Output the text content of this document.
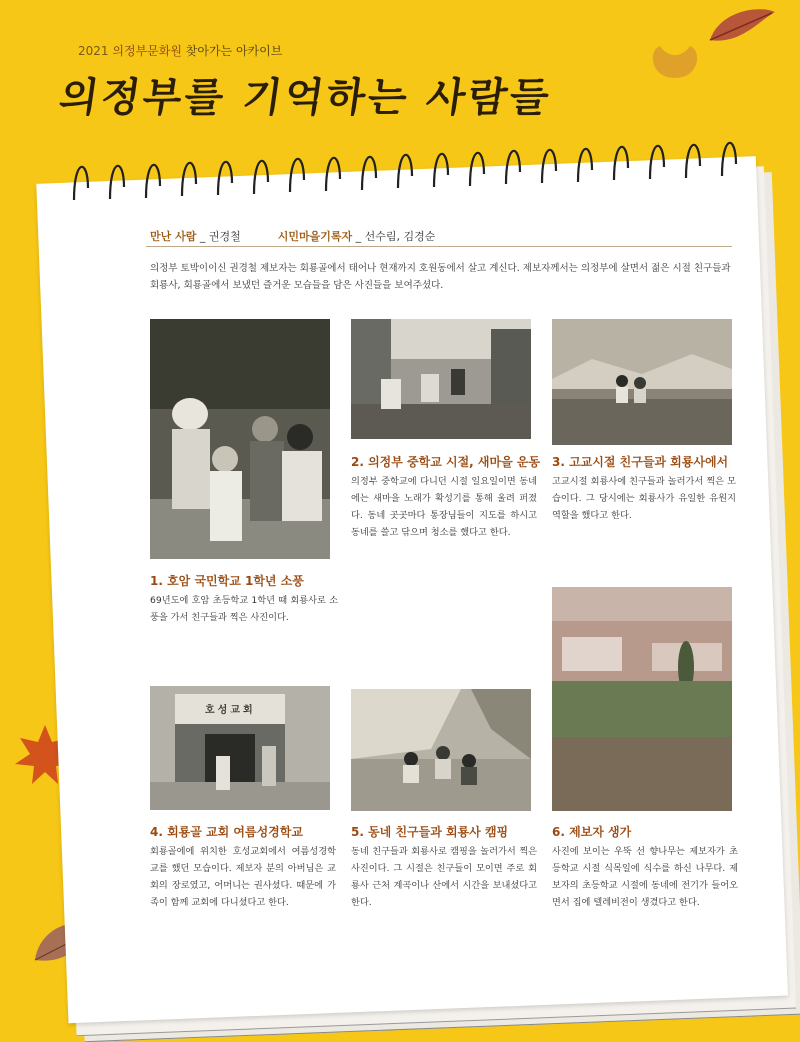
2021 의정부문화원 찾아가는 아카이브
의정부를 기억하는 사람들
만난 사람 _ 권경철	시민마을기록자 _ 선수림, 김경순
의정부 토박이이신 권경철 제보자는 회룡골에서 태어나 현재까지 호원동에서 살고 계신다. 제보자께서는 의정부에 살면서 젊은 시절 친구들과 회룡사, 회룡골에서 보냈던 즐거운 모습들을 담은 사진들을 보여주셨다.
1. 호암 국민학교 1학년 소풍
69년도에 호암 초등학교 1학년 때 회룡사로 소풍을 가서 친구들과 찍은 사진이다.
2. 의정부 중학교 시절, 새마을 운동
의정부 중학교에 다니던 시절 일요일이면 동네에는 새마을 노래가 확성기를 통해 울려 퍼졌다. 동네 곳곳마다 통장님들이 지도를 하시고 동네를 쓸고 닦으며 청소를 했다고 한다.
3. 고교시절 친구들과 회룡사에서
고교시절 회룡사에 친구들과 놀러가서 찍은 모습이다. 그 당시에는 회룡사가 유일한 유원지 역할을 했다고 한다.
호성교회
4. 회룡골 교회 여름성경학교
회룡골에에 위치한 호성교회에서 여름성경학교를 했던 모습이다. 제보자 분의 아버님은 교회의 장로였고, 어머니는 권사셨다. 때문에 가족이 함께 교회에 다니셨다고 한다.
5. 동네 친구들과 회룡사 캠핑
동네 친구들과 회룡사로 캠핑을 놀러가서 찍은 사진이다. 그 시절은 친구들이 모이면 주로 회룡사 근처 계곡이나 산에서 시간을 보내셨다고 한다.
6. 제보자 생가
사진에 보이는 우뚝 선 향나무는 제보자가 초등학교 시절 식목일에 식수를 하신 나무다. 제보자의 초등학교 시절에 동네에 전기가 들어오면서 집에 텔레비전이 생겼다고 한다.
